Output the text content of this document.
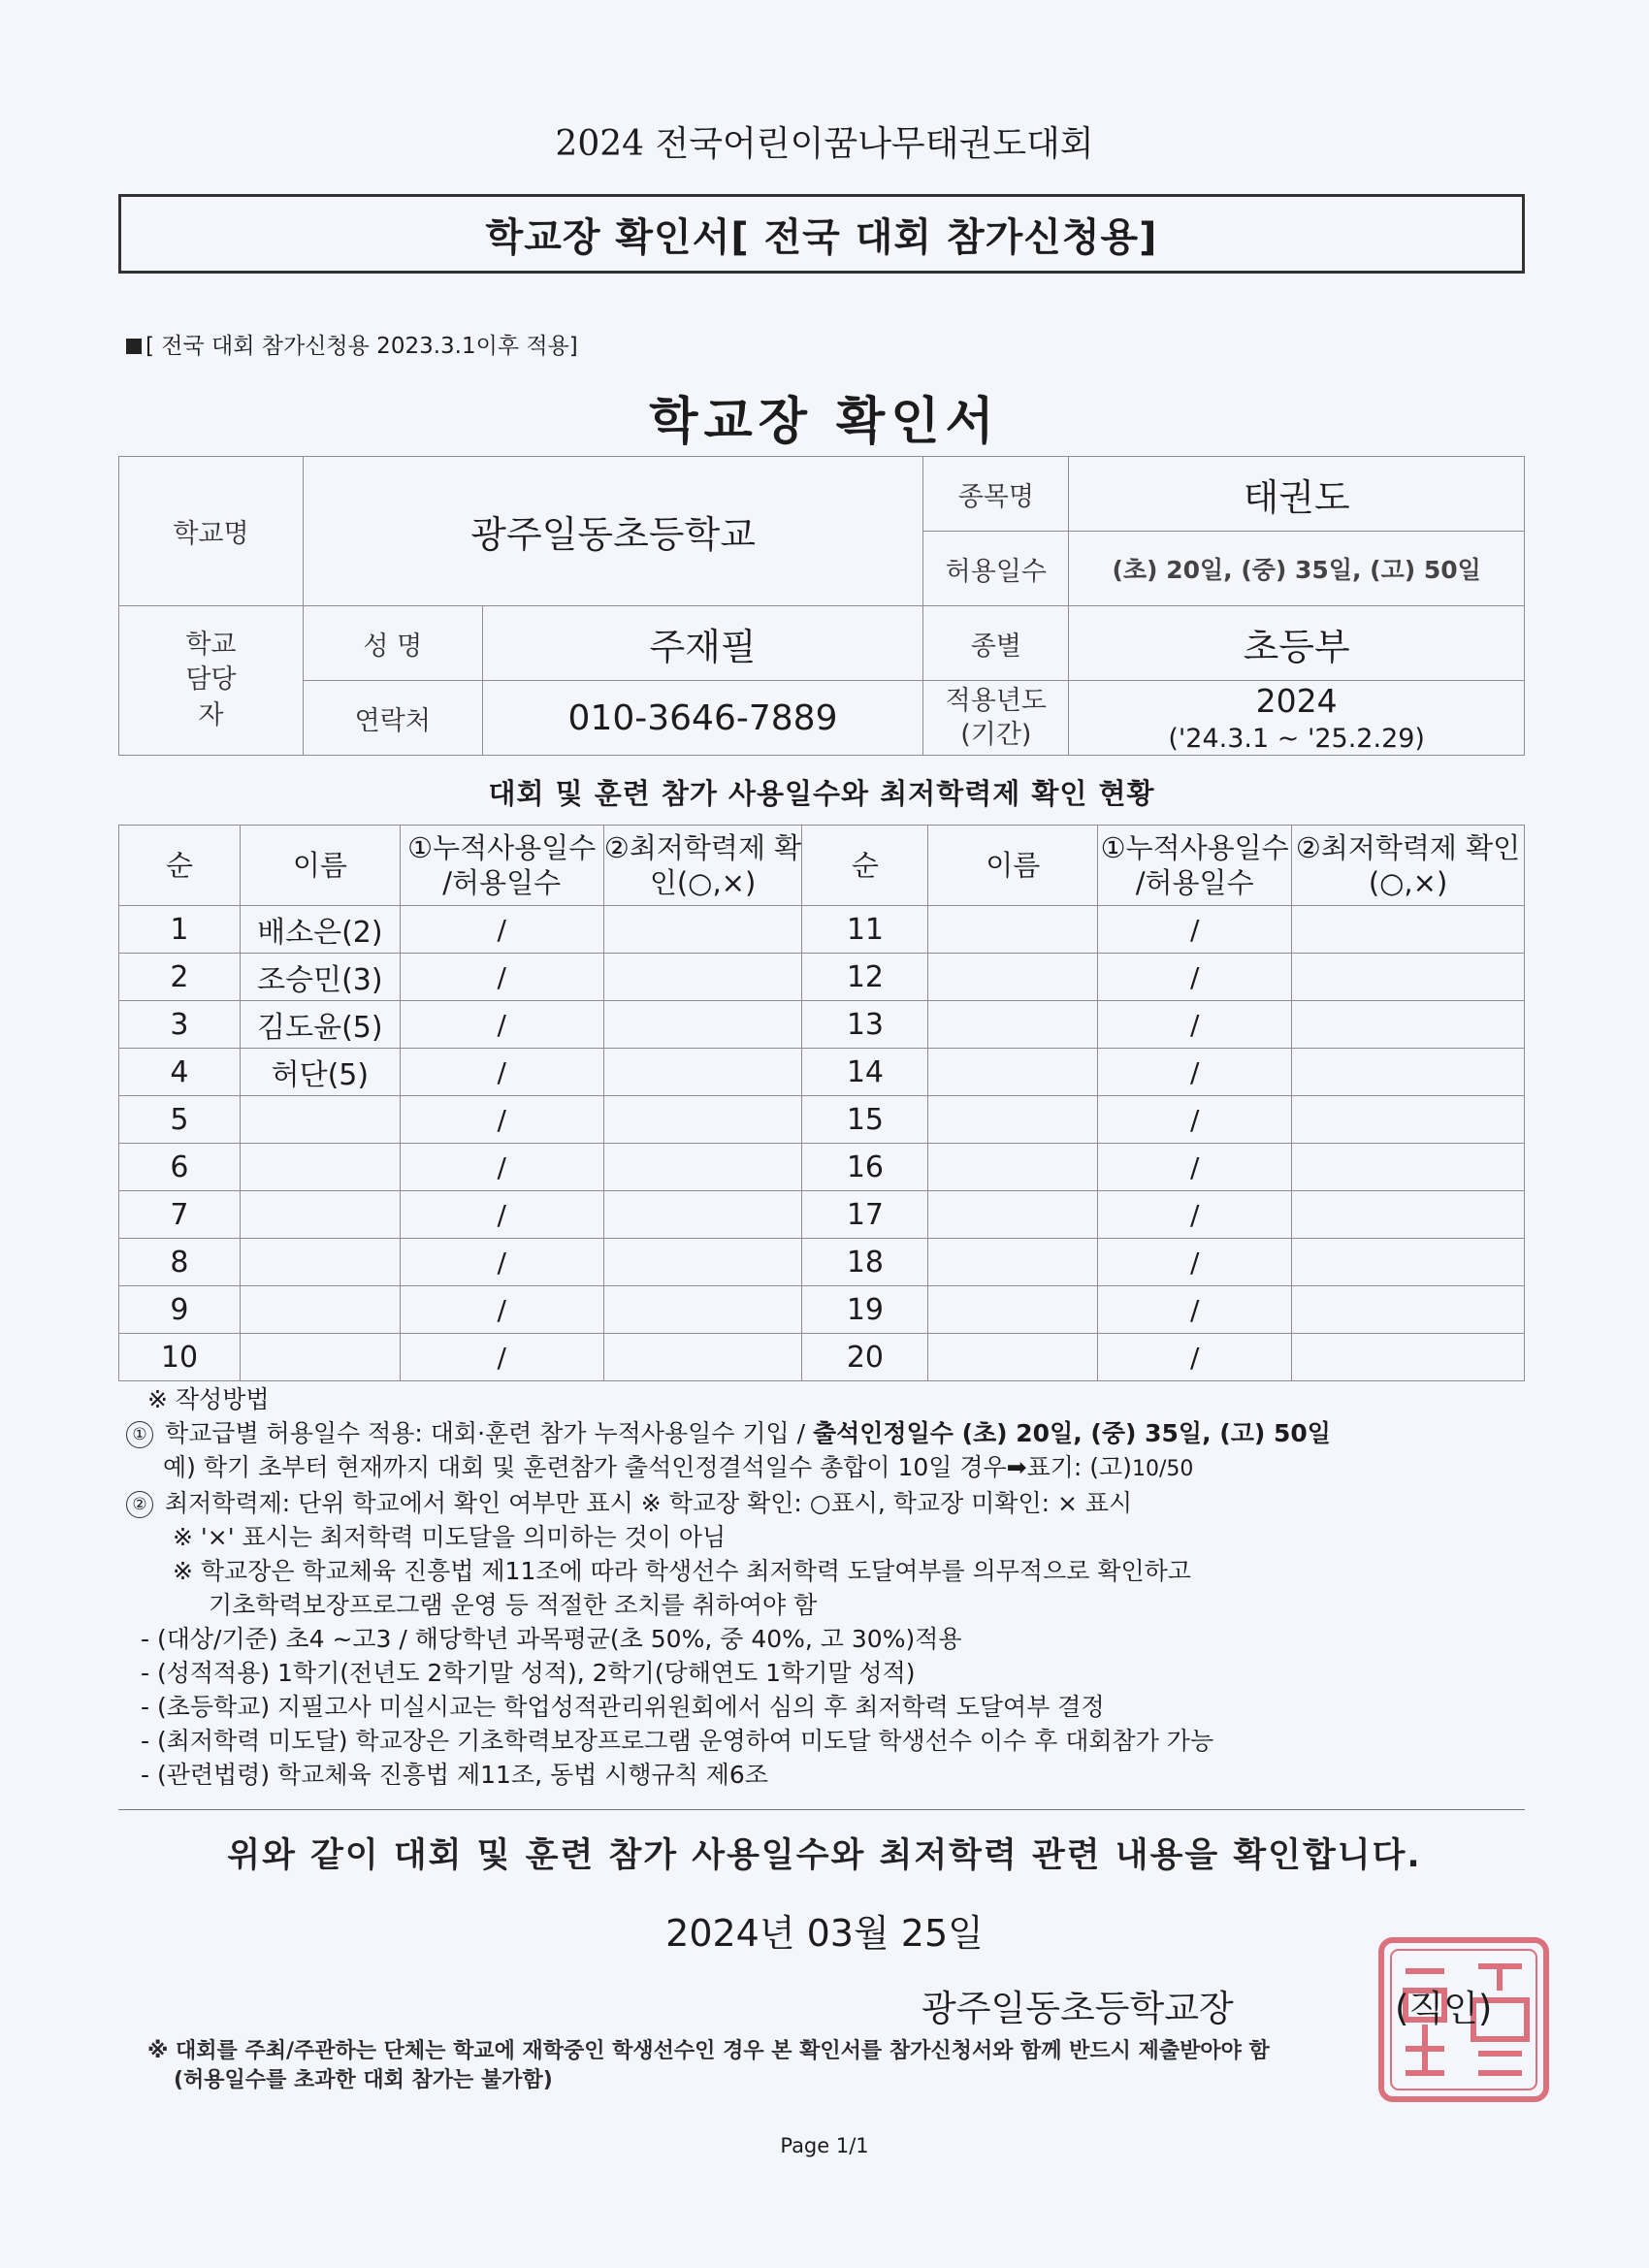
2024 전국어린이꿈나무태권도대회
학교장 확인서[ 전국 대회 참가신청용]
[ 전국 대회 참가신청용 2023.3.1이후 적용]
학교장 확인서
학교명	광주일동초등학교		종목명	태권도
			허용일수	(초) 20일, (중) 35일, (고) 50일
학교 담당자	성 명	주재필	종별	초등부
	연락처	010-3646-7889	적용년도 (기간)	2024
('24.3.1 ~ '25.2.29)
대회 및 훈련 참가 사용일수와 최저학력제 확인 현황
순	이름	①누적사용일수 /허용일수	②최저학력제 확인(○,×)	순	이름	①누적사용일수 /허용일수	②최저학력제 확인(○,×)
1	배소은(2)	/		11		/	
2	조승민(3)	/		12		/	
3	김도윤(5)	/		13		/	
4	허단(5)	/		14		/	
5		/		15		/	
6		/		16		/	
7		/		17		/	
8		/		18		/	
9		/		19		/	
10		/		20		/	
※ 작성방법
① 학교급별 허용일수 적용: 대회·훈련 참가 누적사용일수 기입 / 출석인정일수 (초) 20일, (중) 35일, (고) 50일
예) 학기 초부터 현재까지 대회 및 훈련참가 출석인정결석일수 총합이 10일 경우➡표기: (고)10/50
② 최저학력제: 단위 학교에서 확인 여부만 표시 ※ 학교장 확인: ○표시, 학교장 미확인: × 표시
※ '×' 표시는 최저학력 미도달을 의미하는 것이 아님
※ 학교장은 학교체육 진흥법 제11조에 따라 학생선수 최저학력 도달여부를 의무적으로 확인하고
기초학력보장프로그램 운영 등 적절한 조치를 취하여야 함
- (대상/기준) 초4 ~고3 / 해당학년 과목평균(초 50%, 중 40%, 고 30%)적용
- (성적적용) 1학기(전년도 2학기말 성적), 2학기(당해연도 1학기말 성적)
- (초등학교) 지필고사 미실시교는 학업성적관리위원회에서 심의 후 최저학력 도달여부 결정
- (최저학력 미도달) 학교장은 기초학력보장프로그램 운영하여 미도달 학생선수 이수 후 대회참가 가능
- (관련법령) 학교체육 진흥법 제11조, 동법 시행규칙 제6조
위와 같이 대회 및 훈련 참가 사용일수와 최저학력 관련 내용을 확인합니다.
2024년 03월 25일
광주일동초등학교장	(직인)
※ 대회를 주최/주관하는 단체는 학교에 재학중인 학생선수인 경우 본 확인서를 참가신청서와 함께 반드시 제출받아야 함
(허용일수를 초과한 대회 참가는 불가함)
Page 1/1
